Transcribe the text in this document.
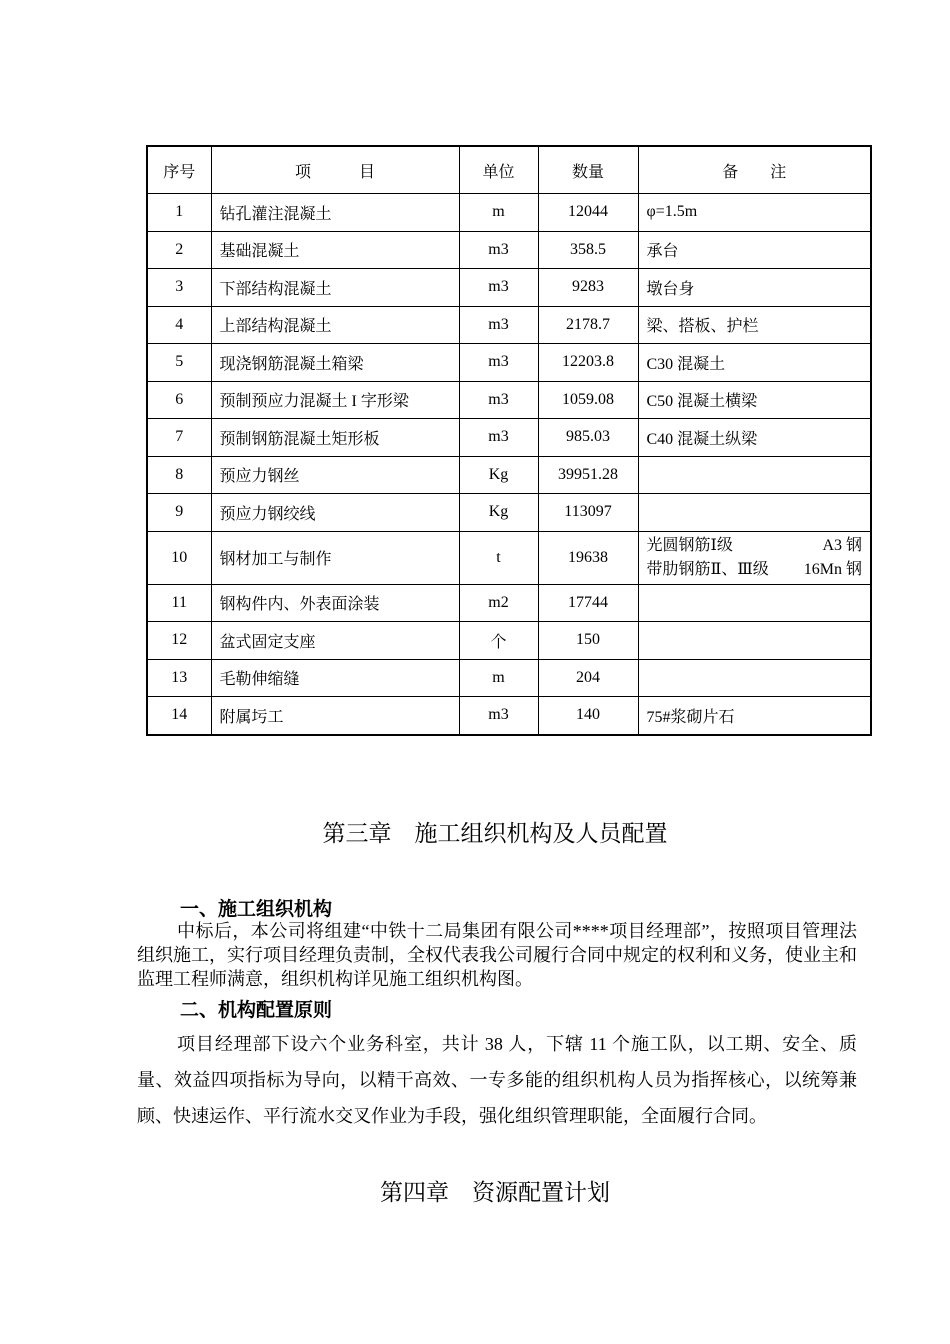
序号	项　　　目	单位	数量	备　　注
1	钻孔灌注混凝土	m	12044	φ=1.5m
2	基础混凝土	m3	358.5	承台
3	下部结构混凝土	m3	9283	墩台身
4	上部结构混凝土	m3	2178.7	梁、搭板、护栏
5	现浇钢筋混凝土箱梁	m3	12203.8	C30 混凝土
6	预制预应力混凝土 I 字形梁	m3	1059.08	C50 混凝土横梁
7	预制钢筋混凝土矩形板	m3	985.03	C40 混凝土纵梁
8	预应力钢丝	Kg	39951.28	
9	预应力钢绞线	Kg	113097	
10	钢材加工与制作	t	19638	光圆钢筋Ⅰ级 A3 钢
带肋钢筋Ⅱ、Ⅲ级 16Mn 钢

11	钢构件内、外表面涂装	m2	17744	
12	盆式固定支座	个	150	
13	毛勒伸缩缝	m	204	
14	附属圬工	m3	140	75#浆砌片石
第三章　施工组织机构及人员配置
一、施工组织机构
中标后，本公司将组建“中铁十二局集团有限公司****项目经理部”，按照项目管理法组织施工，实行项目经理负责制，全权代表我公司履行合同中规定的权利和义务，使业主和监理工程师满意，组织机构详见施工组织机构图。
二、机构配置原则
项目经理部下设六个业务科室，共计 38 人，下辖 11 个施工队，以工期、安全、质量、效益四项指标为导向，以精干高效、一专多能的组织机构人员为指挥核心，以统筹兼顾、快速运作、平行流水交叉作业为手段，强化组织管理职能，全面履行合同。
第四章　资源配置计划
